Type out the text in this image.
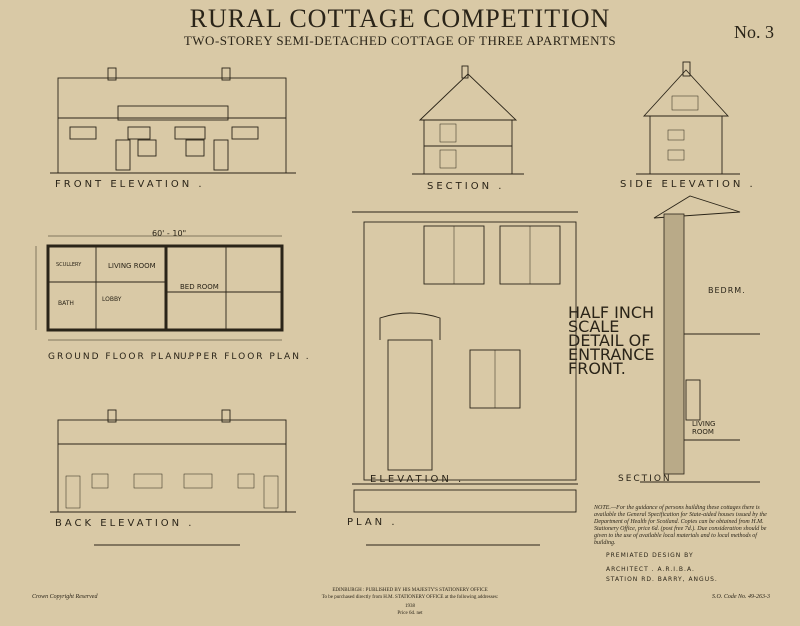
RURAL COTTAGE COMPETITION
TWO-STOREY SEMI-DETACHED COTTAGE OF THREE APARTMENTS	No. 3
FRONT ELEVATION .	SECTION .	SIDE ELEVATION .
60' - 10"
LIVING ROOM
BED ROOM
SCULLERY
LOBBY
BATH
GROUND FLOOR PLAN .
UPPER FLOOR PLAN .
BACK ELEVATION .
HALF INCH SCALE DETAIL OF ENTRANCE FRONT.
ELEVATION .
PLAN .
BEDRM.
LIVING ROOM
SECTION
NOTE.—For the guidance of persons building these cottages there is available the General Specification for State-aided houses issued by the Department of Health for Scotland. Copies can be obtained from H.M. Stationery Office, price 6d. (post free 7d.). Due consideration should be given to the use of available local materials and to local methods of building.
PREMIATED DESIGN BY
ARCHITECT . A.R.I.B.A.
STATION RD. BARRY, ANGUS.
Crown Copyright Reserved
EDINBURGH : PUBLISHED BY HIS MAJESTY'S STATIONERY OFFICE
To be purchased directly from H.M. STATIONERY OFFICE at the following addresses:
1938
Price 6d. net
S.O. Code No. 49-263-3
